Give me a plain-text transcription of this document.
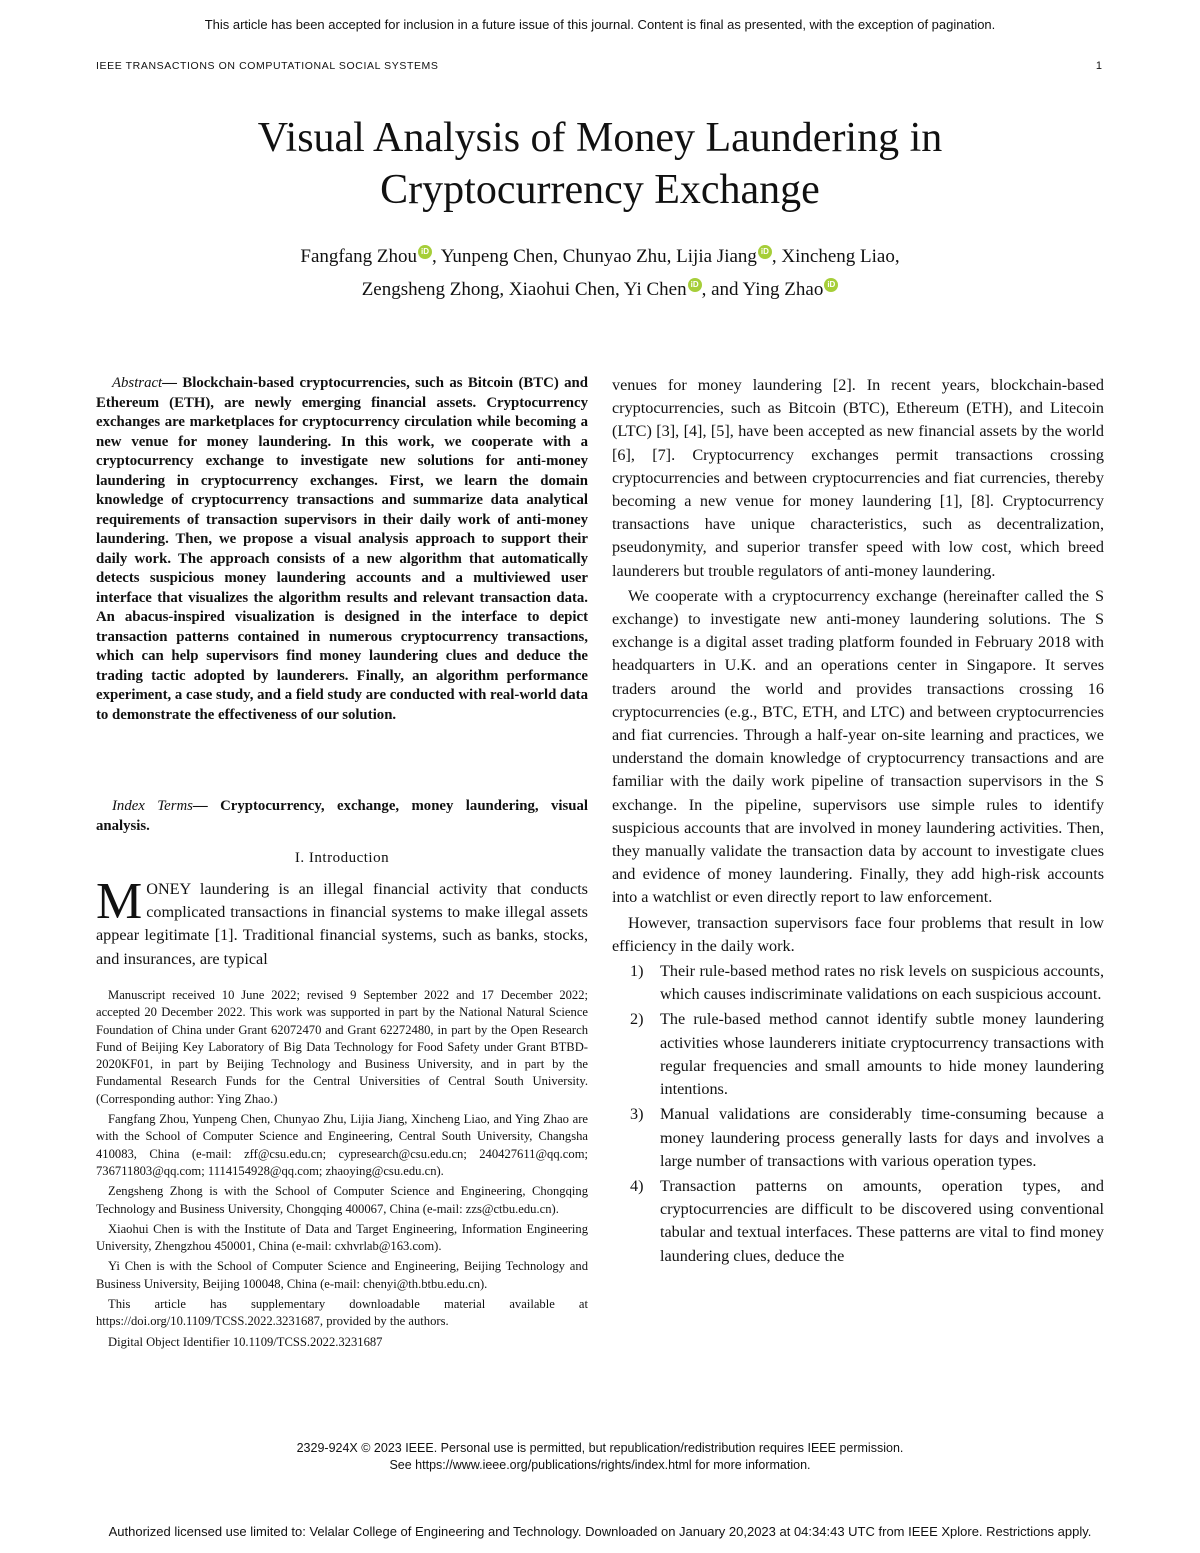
This article has been accepted for inclusion in a future issue of this journal. Content is final as presented, with the exception of pagination.
IEEE TRANSACTIONS ON COMPUTATIONAL SOCIAL SYSTEMS	1
Visual Analysis of Money Laundering in
Cryptocurrency Exchange
Fangfang Zhou iD , Yunpeng Chen, Chunyao Zhu, Lijia Jiang iD , Xincheng Liao,
Zengsheng Zhong, Xiaohui Chen, Yi Chen iD , and Ying Zhao iD
Abstract— Blockchain-based cryptocurrencies, such as Bitcoin (BTC) and Ethereum (ETH), are newly emerging financial assets. Cryptocurrency exchanges are marketplaces for cryptocurrency circulation while becoming a new venue for money laundering. In this work, we cooperate with a cryptocurrency exchange to investigate new solutions for anti-money laundering in cryptocurrency exchanges. First, we learn the domain knowledge of cryptocurrency transactions and summarize data analytical requirements of transaction supervisors in their daily work of anti-money laundering. Then, we propose a visual analysis approach to support their daily work. The approach consists of a new algorithm that automatically detects suspicious money laundering accounts and a multiviewed user interface that visualizes the algorithm results and relevant transaction data. An abacus-inspired visualization is designed in the interface to depict transaction patterns contained in numerous cryptocurrency transactions, which can help supervisors find money laundering clues and deduce the trading tactic adopted by launderers. Finally, an algorithm performance experiment, a case study, and a field study are conducted with real-world data to demonstrate the effectiveness of our solution.
Index Terms— Cryptocurrency, exchange, money laundering, visual analysis.
I. Introduction
MONEY laundering is an illegal financial activity that conducts complicated transactions in financial systems to make illegal assets appear legitimate [1]. Traditional financial systems, such as banks, stocks, and insurances, are typical

Manuscript received 10 June 2022; revised 9 September 2022 and 17 December 2022; accepted 20 December 2022. This work was supported in part by the National Natural Science Foundation of China under Grant 62072470 and Grant 62272480, in part by the Open Research Fund of Beijing Key Laboratory of Big Data Technology for Food Safety under Grant BTBD-2020KF01, in part by Beijing Technology and Business University, and in part by the Fundamental Research Funds for the Central Universities of Central South University. (Corresponding author: Ying Zhao.)

Fangfang Zhou, Yunpeng Chen, Chunyao Zhu, Lijia Jiang, Xincheng Liao, and Ying Zhao are with the School of Computer Science and Engineering, Central South University, Changsha 410083, China (e-mail: zff@csu.edu.cn; cypresearch@csu.edu.cn; 240427611@qq.com; 736711803@qq.com; 1114154928@qq.com; zhaoying@csu.edu.cn).

Zengsheng Zhong is with the School of Computer Science and Engineering, Chongqing Technology and Business University, Chongqing 400067, China (e-mail: zzs@ctbu.edu.cn).

Xiaohui Chen is with the Institute of Data and Target Engineering, Information Engineering University, Zhengzhou 450001, China (e-mail: cxhvrlab@163.com).

Yi Chen is with the School of Computer Science and Engineering, Beijing Technology and Business University, Beijing 100048, China (e-mail: chenyi@th.btbu.edu.cn).

This article has supplementary downloadable material available at https://doi.org/10.1109/TCSS.2022.3231687, provided by the authors.

Digital Object Identifier 10.1109/TCSS.2022.3231687

venues for money laundering [2]. In recent years, blockchain-based cryptocurrencies, such as Bitcoin (BTC), Ethereum (ETH), and Litecoin (LTC) [3], [4], [5], have been accepted as new financial assets by the world [6], [7]. Cryptocurrency exchanges permit transactions crossing cryptocurrencies and between cryptocurrencies and fiat currencies, thereby becoming a new venue for money laundering [1], [8]. Cryptocurrency transactions have unique characteristics, such as decentralization, pseudonymity, and superior transfer speed with low cost, which breed launderers but trouble regulators of anti-money laundering.

We cooperate with a cryptocurrency exchange (hereinafter called the S exchange) to investigate new anti-money laundering solutions. The S exchange is a digital asset trading platform founded in February 2018 with headquarters in U.K. and an operations center in Singapore. It serves traders around the world and provides transactions crossing 16 cryptocurrencies (e.g., BTC, ETH, and LTC) and between cryptocurrencies and fiat currencies. Through a half-year on-site learning and practices, we understand the domain knowledge of cryptocurrency transactions and are familiar with the daily work pipeline of transaction supervisors in the S exchange. In the pipeline, supervisors use simple rules to identify suspicious accounts that are involved in money laundering activities. Then, they manually validate the transaction data by account to investigate clues and evidence of money laundering. Finally, they add high-risk accounts into a watchlist or even directly report to law enforcement.

However, transaction supervisors face four problems that result in low efficiency in the daily work.

1) Their rule-based method rates no risk levels on suspicious accounts, which causes indiscriminate validations on each suspicious account.
2) The rule-based method cannot identify subtle money laundering activities whose launderers initiate cryptocurrency transactions with regular frequencies and small amounts to hide money laundering intentions.
3) Manual validations are considerably time-consuming because a money laundering process generally lasts for days and involves a large number of transactions with various operation types.
4) Transaction patterns on amounts, operation types, and cryptocurrencies are difficult to be discovered using conventional tabular and textual interfaces. These patterns are vital to find money laundering clues, deduce the
2329-924X © 2023 IEEE. Personal use is permitted, but republication/redistribution requires IEEE permission.
See https://www.ieee.org/publications/rights/index.html for more information.
Authorized licensed use limited to: Velalar College of Engineering and Technology. Downloaded on January 20,2023 at 04:34:43 UTC from IEEE Xplore. Restrictions apply.
